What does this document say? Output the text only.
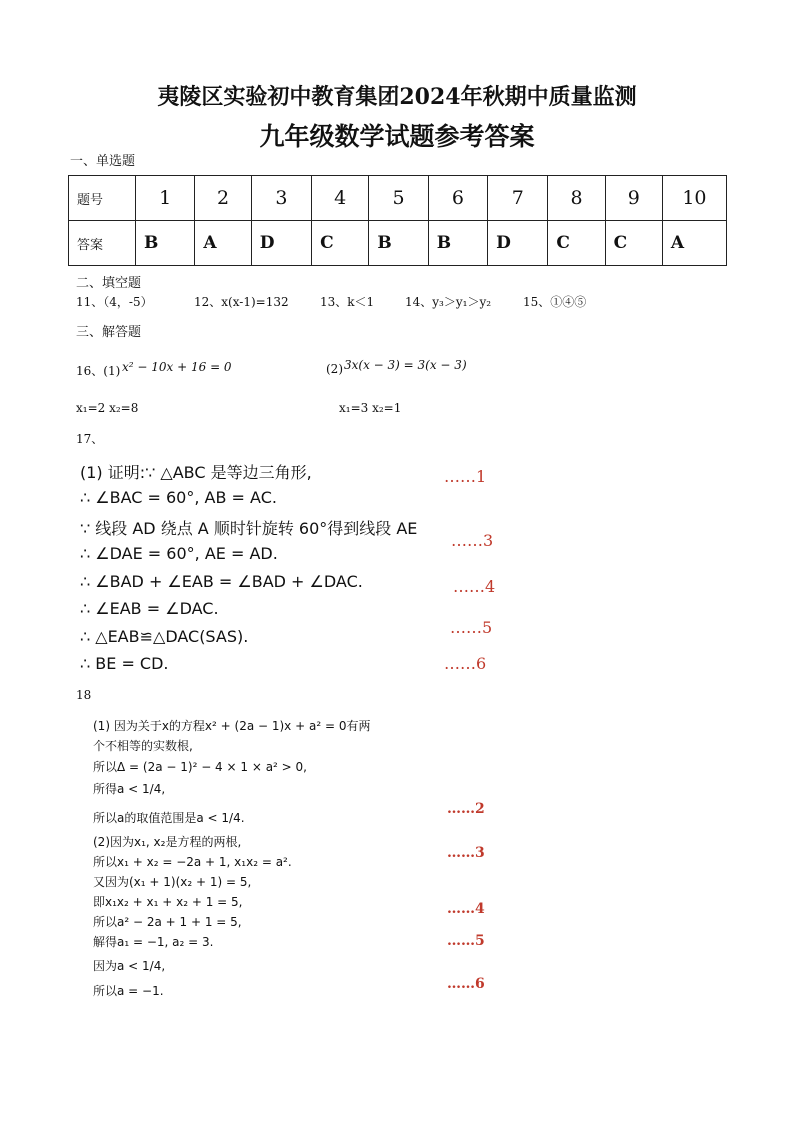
夷陵区实验初中教育集团2024年秋期中质量监测
九年级数学试题参考答案
一、单选题
题号	1	2	3	4	5	6	7	8	9	10
答案	B	A	D	C	B	B	D	C	C	A
二、填空题
11、（4，-5）	12、x(x-1)=132	13、k＜1	14、y₃＞y₁＞y₂	15、①④⑤
三、解答题
16、(1) x² − 10x + 16 = 0	(2) 3x(x − 3) = 3(x − 3)
x₁=2 x₂=8	x₁=3 x₂=1
17、
(1) 证明:∵ △ABC 是等边三角形,
∴ ∠BAC = 60°, AB = AC.
∵ 线段 AD 绕点 A 顺时针旋转 60°得到线段 AE
∴ ∠DAE = 60°, AE = AD.
∴ ∠BAD + ∠EAB = ∠BAD + ∠DAC.
∴ ∠EAB = ∠DAC.
∴ △EAB≌△DAC(SAS).
∴ BE = CD.
……1
……3
……4
……5
……6
18
(1) 因为关于x的方程x² + (2a − 1)x + a² = 0有两
个不相等的实数根,
所以Δ = (2a − 1)² − 4 × 1 × a² > 0,
所得a < 1/4,
所以a的取值范围是a < 1/4.
(2)因为x₁, x₂是方程的两根,
所以x₁ + x₂ = −2a + 1, x₁x₂ = a².
又因为(x₁ + 1)(x₂ + 1) = 5,
即x₁x₂ + x₁ + x₂ + 1 = 5,
所以a² − 2a + 1 + 1 = 5,
解得a₁ = −1, a₂ = 3.
因为a < 1/4,
所以a = −1.
……2
……3
……4
……5
……6
